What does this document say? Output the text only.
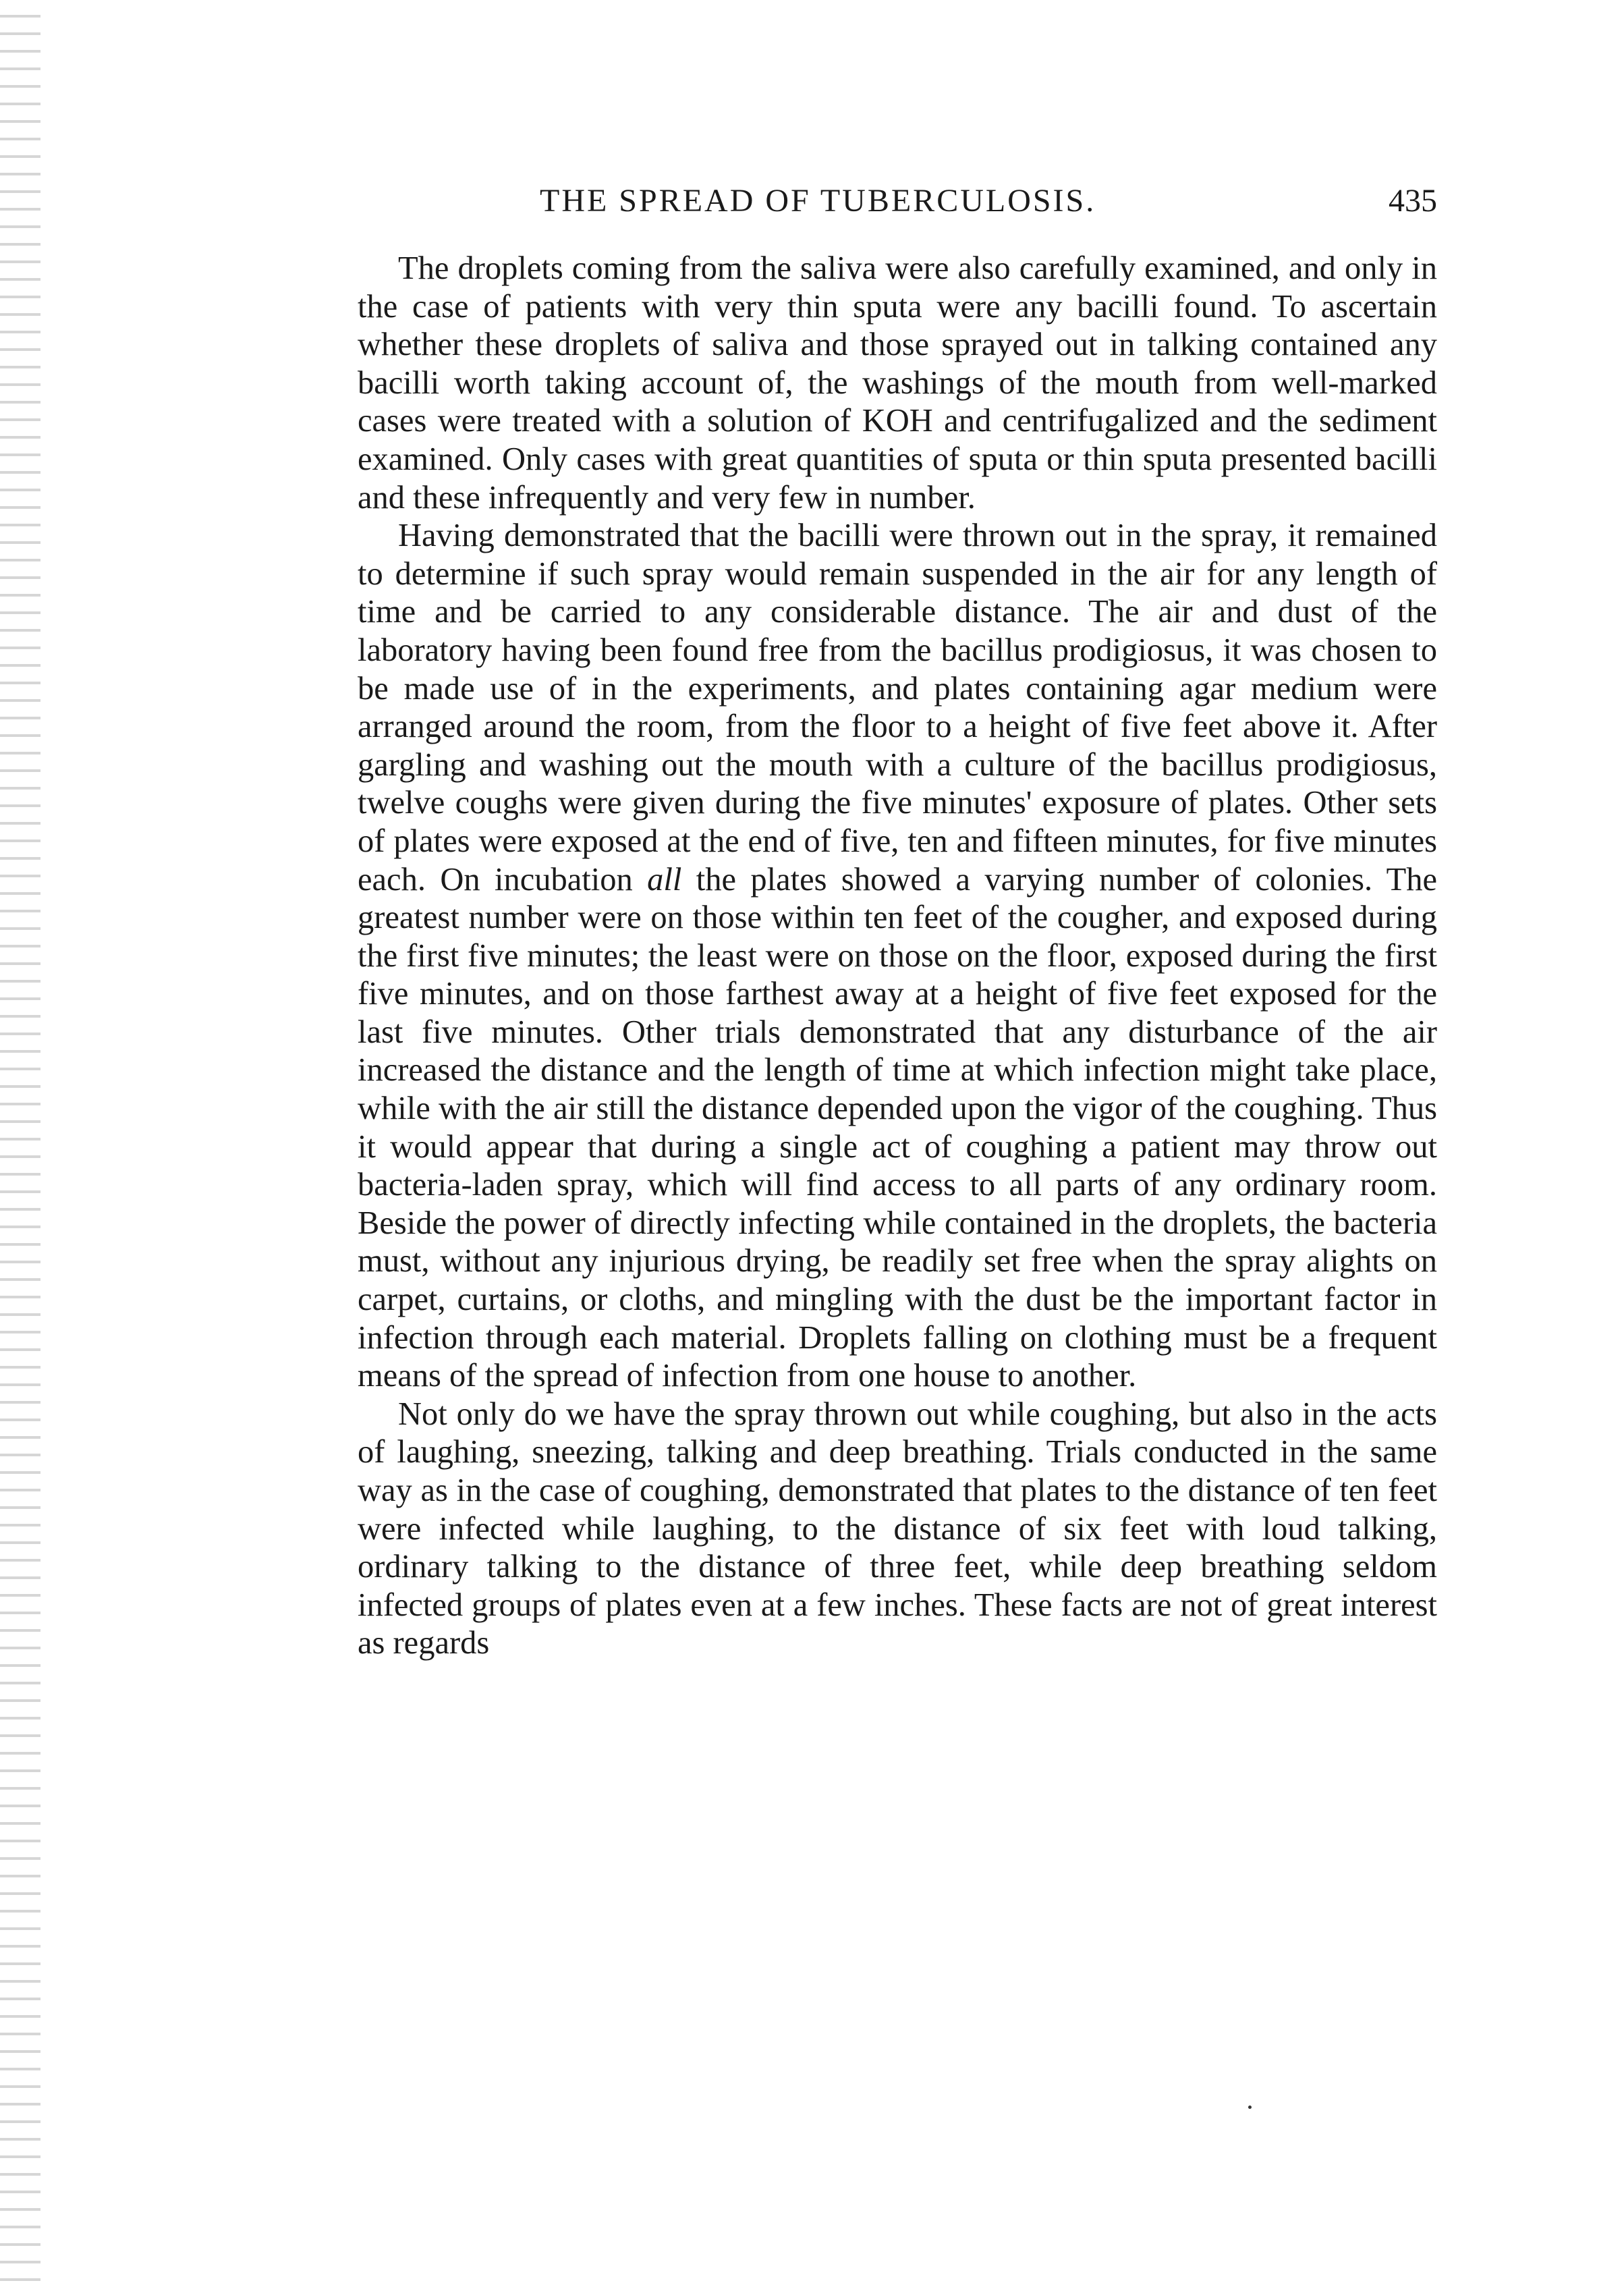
THE SPREAD OF TUBERCULOSIS.	435

The droplets coming from the saliva were also carefully examined, and only in the case of patients with very thin sputa were any bacilli found. To ascertain whether these droplets of saliva and those sprayed out in talking contained any bacilli worth taking account of, the washings of the mouth from well-marked cases were treated with a solution of KOH and centrifugalized and the sediment examined. Only cases with great quantities of sputa or thin sputa presented bacilli and these infrequently and very few in number.

Having demonstrated that the bacilli were thrown out in the spray, it remained to determine if such spray would remain suspended in the air for any length of time and be carried to any considerable distance. The air and dust of the laboratory having been found free from the bacillus prodigiosus, it was chosen to be made use of in the experiments, and plates containing agar medium were arranged around the room, from the floor to a height of five feet above it. After gargling and washing out the mouth with a culture of the bacillus prodigiosus, twelve coughs were given during the five minutes' exposure of plates. Other sets of plates were exposed at the end of five, ten and fifteen minutes, for five minutes each. On incubation all the plates showed a varying number of colonies. The greatest number were on those within ten feet of the cougher, and exposed during the first five minutes; the least were on those on the floor, exposed during the first five minutes, and on those farthest away at a height of five feet exposed for the last five minutes. Other trials demonstrated that any disturbance of the air increased the distance and the length of time at which infection might take place, while with the air still the distance depended upon the vigor of the coughing. Thus it would appear that during a single act of coughing a patient may throw out bacteria-laden spray, which will find access to all parts of any ordinary room. Beside the power of directly infecting while contained in the droplets, the bacteria must, without any injurious drying, be readily set free when the spray alights on carpet, curtains, or cloths, and mingling with the dust be the important factor in infection through each material. Droplets falling on clothing must be a frequent means of the spread of infection from one house to another.

Not only do we have the spray thrown out while coughing, but also in the acts of laughing, sneezing, talking and deep breathing. Trials conducted in the same way as in the case of coughing, demonstrated that plates to the distance of ten feet were infected while laughing, to the distance of six feet with loud talking, ordinary talking to the distance of three feet, while deep breathing seldom infected groups of plates even at a few inches. These facts are not of great interest as regards
